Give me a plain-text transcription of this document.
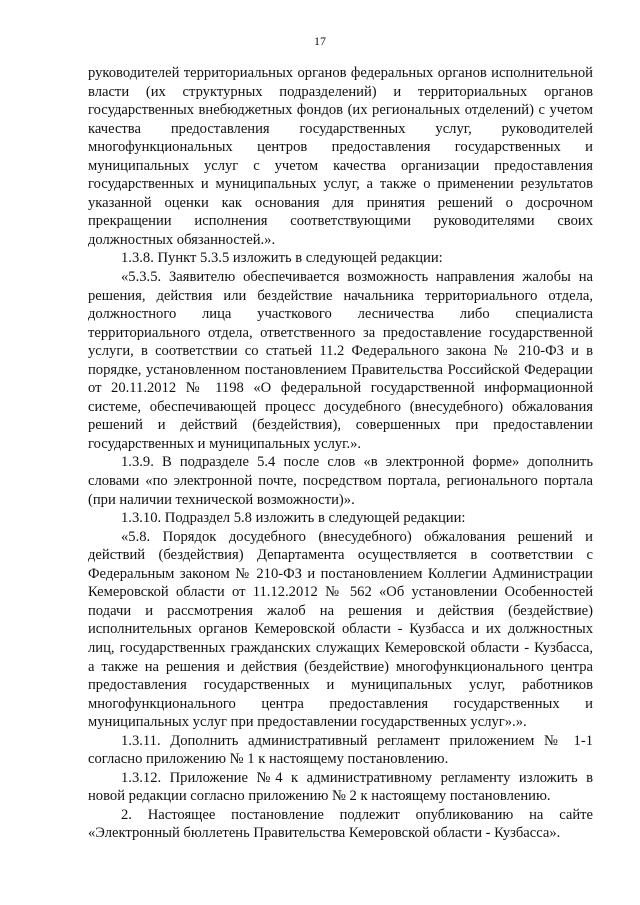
17

руководителей территориальных органов федеральных органов исполнительной власти (их структурных подразделений) и территориальных органов государственных внебюджетных фондов (их региональных отделений) с учетом качества предоставления государственных услуг, руководителей многофункциональных центров предоставления государственных и муниципальных услуг с учетом качества организации предоставления государственных и муниципальных услуг, а также о применении результатов указанной оценки как основания для принятия решений о досрочном прекращении исполнения соответствующими руководителями своих должностных обязанностей.».

1.3.8. Пункт 5.3.5 изложить в следующей редакции:

«5.3.5. Заявителю обеспечивается возможность направления жалобы на решения, действия или бездействие начальника территориального отдела, должностного лица участкового лесничества либо специалиста территориального отдела, ответственного за предоставление государственной услуги, в соответствии со статьей 11.2 Федерального закона № 210-ФЗ и в порядке, установленном постановлением Правительства Российской Федерации от 20.11.2012 № 1198 «О федеральной государственной информационной системе, обеспечивающей процесс досудебного (внесудебного) обжалования решений и действий (бездействия), совершенных при предоставлении государственных и муниципальных услуг.».

1.3.9. В подразделе 5.4 после слов «в электронной форме» дополнить словами «по электронной почте, посредством портала, регионального портала (при наличии технической возможности)».

1.3.10. Подраздел 5.8 изложить в следующей редакции:

«5.8. Порядок досудебного (внесудебного) обжалования решений и действий (бездействия) Департамента осуществляется в соответствии с Федеральным законом № 210-ФЗ и постановлением Коллегии Администрации Кемеровской области от 11.12.2012 № 562 «Об установлении Особенностей подачи и рассмотрения жалоб на решения и действия (бездействие) исполнительных органов Кемеровской области - Кузбасса и их должностных лиц, государственных гражданских служащих Кемеровской области - Кузбасса, а также на решения и действия (бездействие) многофункционального центра предоставления государственных и муниципальных услуг, работников многофункционального центра предоставления государственных и муниципальных услуг при предоставлении государственных услуг».».

1.3.11. Дополнить административный регламент приложением № 1-1 согласно приложению № 1 к настоящему постановлению.

1.3.12. Приложение №4 к административному регламенту изложить в новой редакции согласно приложению № 2 к настоящему постановлению.

2. Настоящее постановление подлежит опубликованию на сайте «Электронный бюллетень Правительства Кемеровской области - Кузбасса».
